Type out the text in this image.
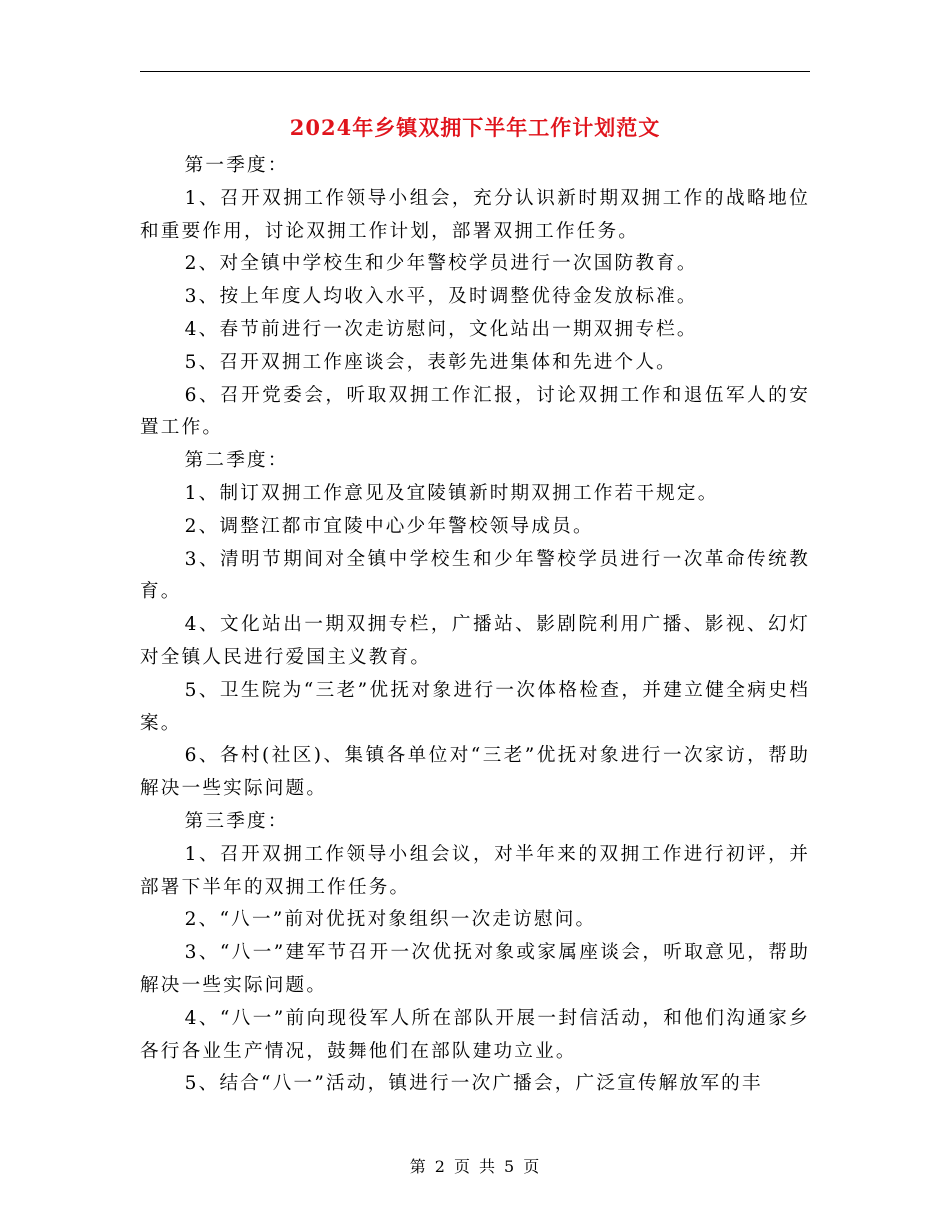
2024年乡镇双拥下半年工作计划范文

第一季度：

1、召开双拥工作领导小组会，充分认识新时期双拥工作的战略地位和重要作用，讨论双拥工作计划，部署双拥工作任务。

2、对全镇中学校生和少年警校学员进行一次国防教育。

3、按上年度人均收入水平，及时调整优待金发放标准。

4、春节前进行一次走访慰问，文化站出一期双拥专栏。

5、召开双拥工作座谈会，表彰先进集体和先进个人。

6、召开党委会，听取双拥工作汇报，讨论双拥工作和退伍军人的安置工作。

第二季度：

1、制订双拥工作意见及宜陵镇新时期双拥工作若干规定。

2、调整江都市宜陵中心少年警校领导成员。

3、清明节期间对全镇中学校生和少年警校学员进行一次革命传统教育。

4、文化站出一期双拥专栏，广播站、影剧院利用广播、影视、幻灯对全镇人民进行爱国主义教育。

5、卫生院为“三老”优抚对象进行一次体格检查，并建立健全病史档案。

6、各村(社区)、集镇各单位对“三老”优抚对象进行一次家访，帮助解决一些实际问题。

第三季度：

1、召开双拥工作领导小组会议，对半年来的双拥工作进行初评，并部署下半年的双拥工作任务。

2、“八一”前对优抚对象组织一次走访慰问。

3、“八一”建军节召开一次优抚对象或家属座谈会，听取意见，帮助解决一些实际问题。

4、“八一”前向现役军人所在部队开展一封信活动，和他们沟通家乡各行各业生产情况，鼓舞他们在部队建功立业。

5、结合“八一”活动，镇进行一次广播会，广泛宣传解放军的丰

第 2 页 共 5 页
